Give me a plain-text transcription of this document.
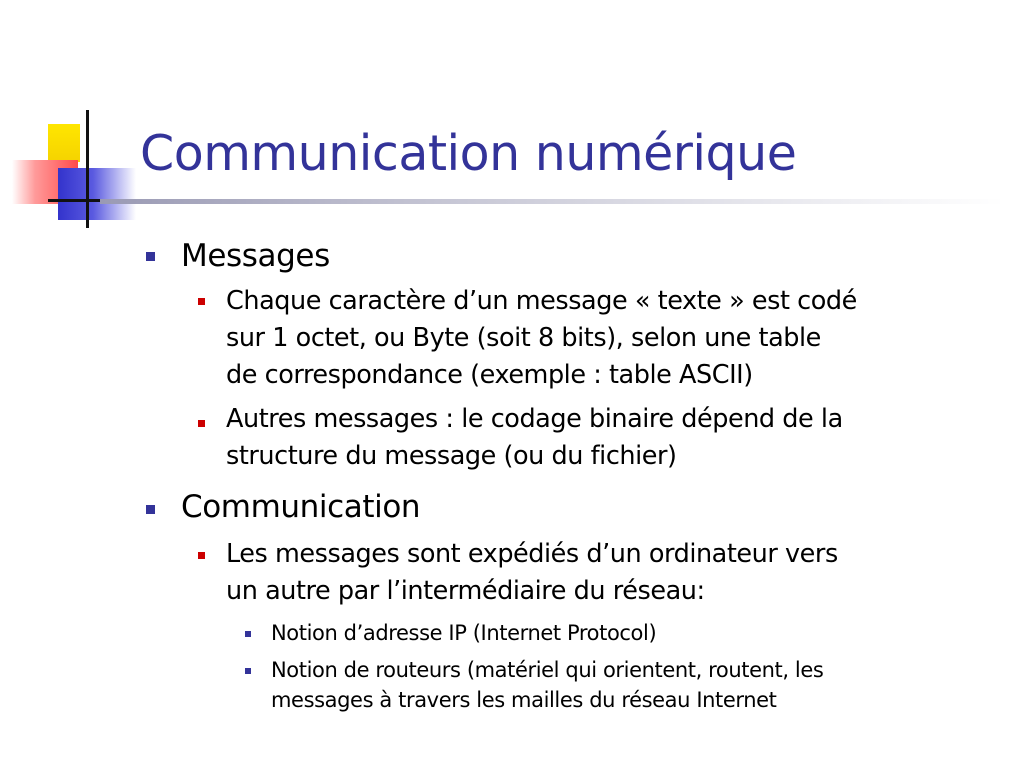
Communication numérique

Messages

Chaque caractère d’un message « texte » est codé

sur 1 octet, ou Byte (soit 8 bits), selon une table

de correspondance (exemple : table ASCII)

Autres messages : le codage binaire dépend de la

structure du message (ou du fichier)

Communication

Les messages sont expédiés d’un ordinateur vers

un autre par l’intermédiaire du réseau:

Notion d’adresse IP (Internet Protocol)

Notion de routeurs (matériel qui orientent, routent, les

messages à travers les mailles du réseau Internet
